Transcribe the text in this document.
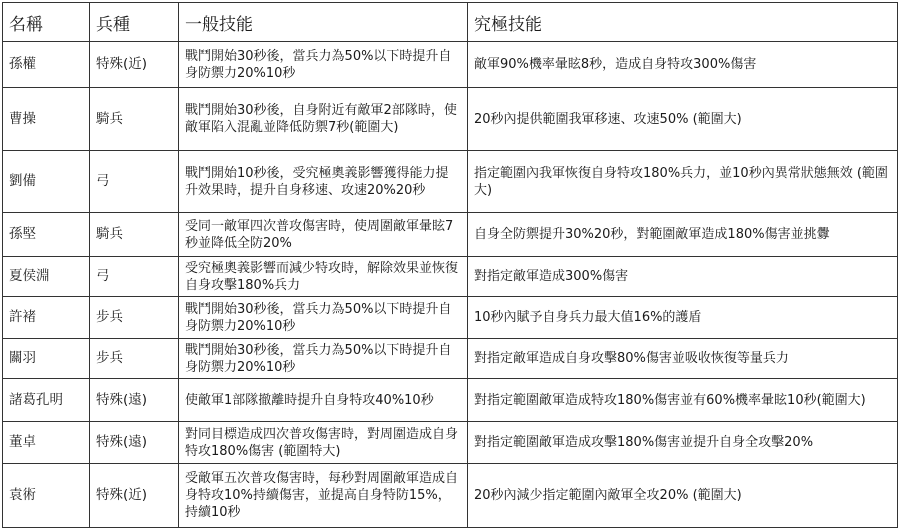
名稱	兵種	一般技能	究極技能
孫權	特殊(近)	戰鬥開始30秒後，當兵力為50%以下時提升自身防禦力20%10秒	敵軍90%機率暈眩8秒，造成自身特攻300%傷害
曹操	騎兵	戰鬥開始30秒後，自身附近有敵軍2部隊時，使敵軍陷入混亂並降低防禦7秒(範圍大)	20秒內提供範圍我軍移速、攻速50% (範圍大)
劉備	弓	戰鬥開始10秒後，受究極奧義影響獲得能力提升效果時，提升自身移速、攻速20%20秒	指定範圍內我軍恢復自身特攻180%兵力，並10秒內異常狀態無效 (範圍大)
孫堅	騎兵	受同一敵軍四次普攻傷害時，使周圍敵軍暈眩7秒並降低全防20%	自身全防禦提升30%20秒，對範圍敵軍造成180%傷害並挑釁
夏侯淵	弓	受究極奧義影響而減少特攻時，解除效果並恢復自身攻擊180%兵力	對指定敵軍造成300%傷害
許褚	步兵	戰鬥開始30秒後，當兵力為50%以下時提升自身防禦力20%10秒	10秒內賦予自身兵力最大值16%的護盾
關羽	步兵	戰鬥開始30秒後，當兵力為50%以下時提升自身防禦力20%10秒	對指定敵軍造成自身攻擊80%傷害並吸收恢復等量兵力
諸葛孔明	特殊(遠)	使敵軍1部隊撤離時提升自身特攻40%10秒	對指定範圍敵軍造成特攻180%傷害並有60%機率暈眩10秒(範圍大)
董卓	特殊(遠)	對同目標造成四次普攻傷害時，對周圍造成自身特攻180%傷害 (範圍特大)	對指定範圍敵軍造成攻擊180%傷害並提升自身全攻擊20%
袁術	特殊(近)	受敵軍五次普攻傷害時，每秒對周圍敵軍造成自身特攻10%持續傷害，並提高自身特防15%，持續10秒	20秒內減少指定範圍內敵軍全攻20% (範圍大)
